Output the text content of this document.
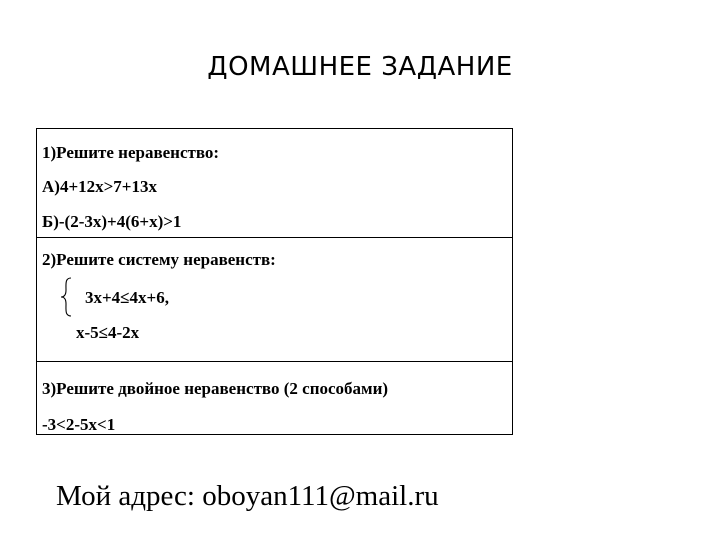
ДОМАШНЕЕ ЗАДАНИЕ
1)Решите неравенство:
А)4+12х>7+13х
Б)-(2-3х)+4(6+х)>1
2)Решите систему неравенств:
3х+4≤4х+6,
х-5≤4-2х
3)Решите двойное неравенство (2 способами)
-3<2-5х<1
Мой адрес: oboyan111@mail.ru
